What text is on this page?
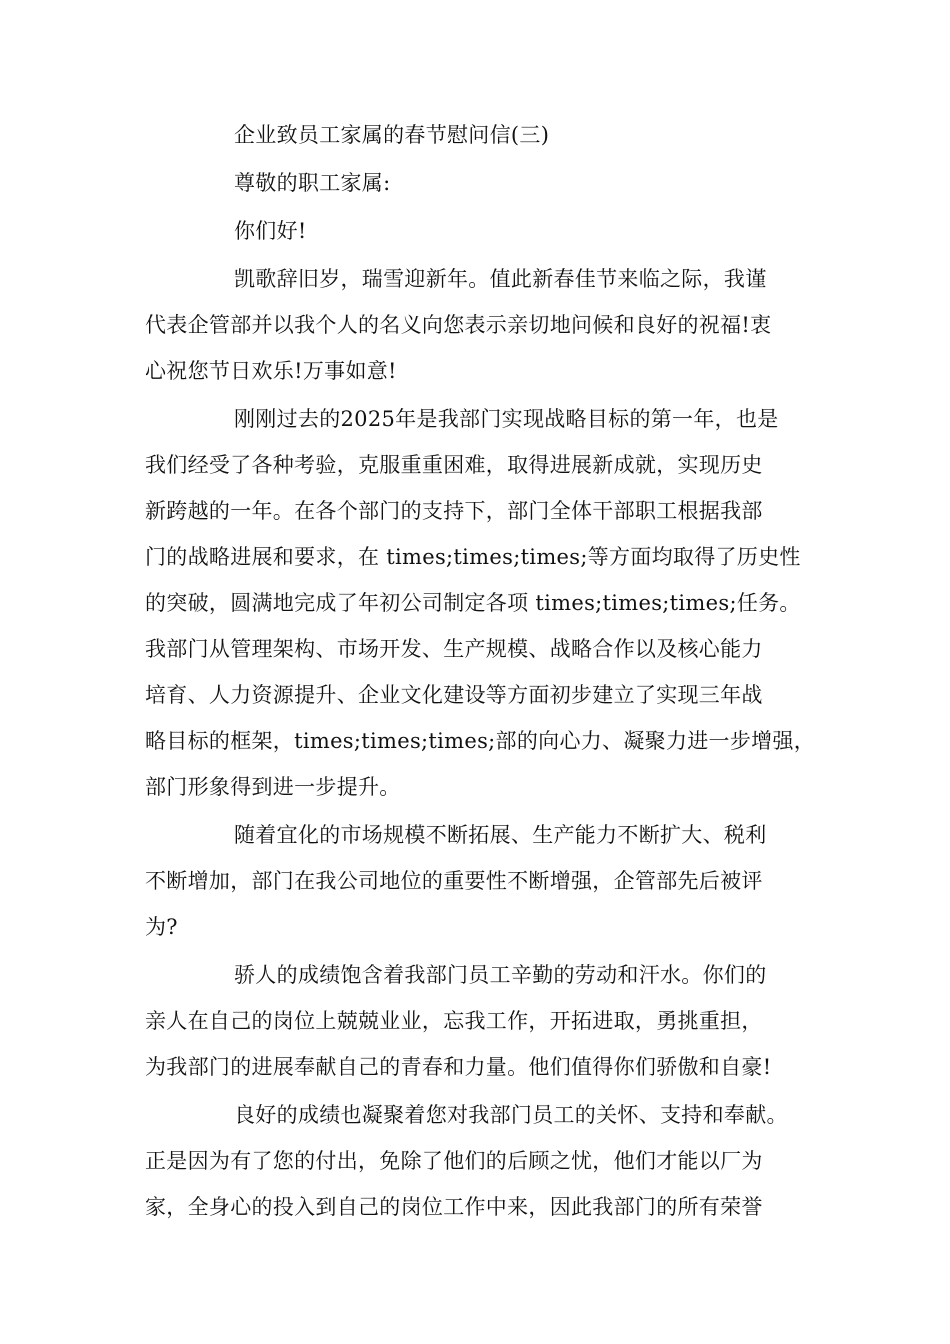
企业致员工家属的春节慰问信(三)
尊敬的职工家属:
你们好!
凯歌辞旧岁，瑞雪迎新年。值此新春佳节来临之际，我谨
代表企管部并以我个人的名义向您表示亲切地问候和良好的祝福!衷
心祝您节日欢乐!万事如意!
刚刚过去的2025年是我部门实现战略目标的第一年，也是
我们经受了各种考验，克服重重困难，取得进展新成就，实现历史
新跨越的一年。在各个部门的支持下，部门全体干部职工根据我部
门的战略进展和要求，在 times;times;times;等方面均取得了历史性
的突破，圆满地完成了年初公司制定各项 times;times;times;任务。
我部门从管理架构、市场开发、生产规模、战略合作以及核心能力
培育、人力资源提升、企业文化建设等方面初步建立了实现三年战
略目标的框架，times;times;times;部的向心力、凝聚力进一步增强，
部门形象得到进一步提升。
随着宜化的市场规模不断拓展、生产能力不断扩大、税利
不断增加，部门在我公司地位的重要性不断增强，企管部先后被评
为?
骄人的成绩饱含着我部门员工辛勤的劳动和汗水。你们的
亲人在自己的岗位上兢兢业业，忘我工作，开拓进取，勇挑重担，
为我部门的进展奉献自己的青春和力量。他们值得你们骄傲和自豪!
良好的成绩也凝聚着您对我部门员工的关怀、支持和奉献。
正是因为有了您的付出，免除了他们的后顾之忧，他们才能以厂为
家，全身心的投入到自己的岗位工作中来，因此我部门的所有荣誉
